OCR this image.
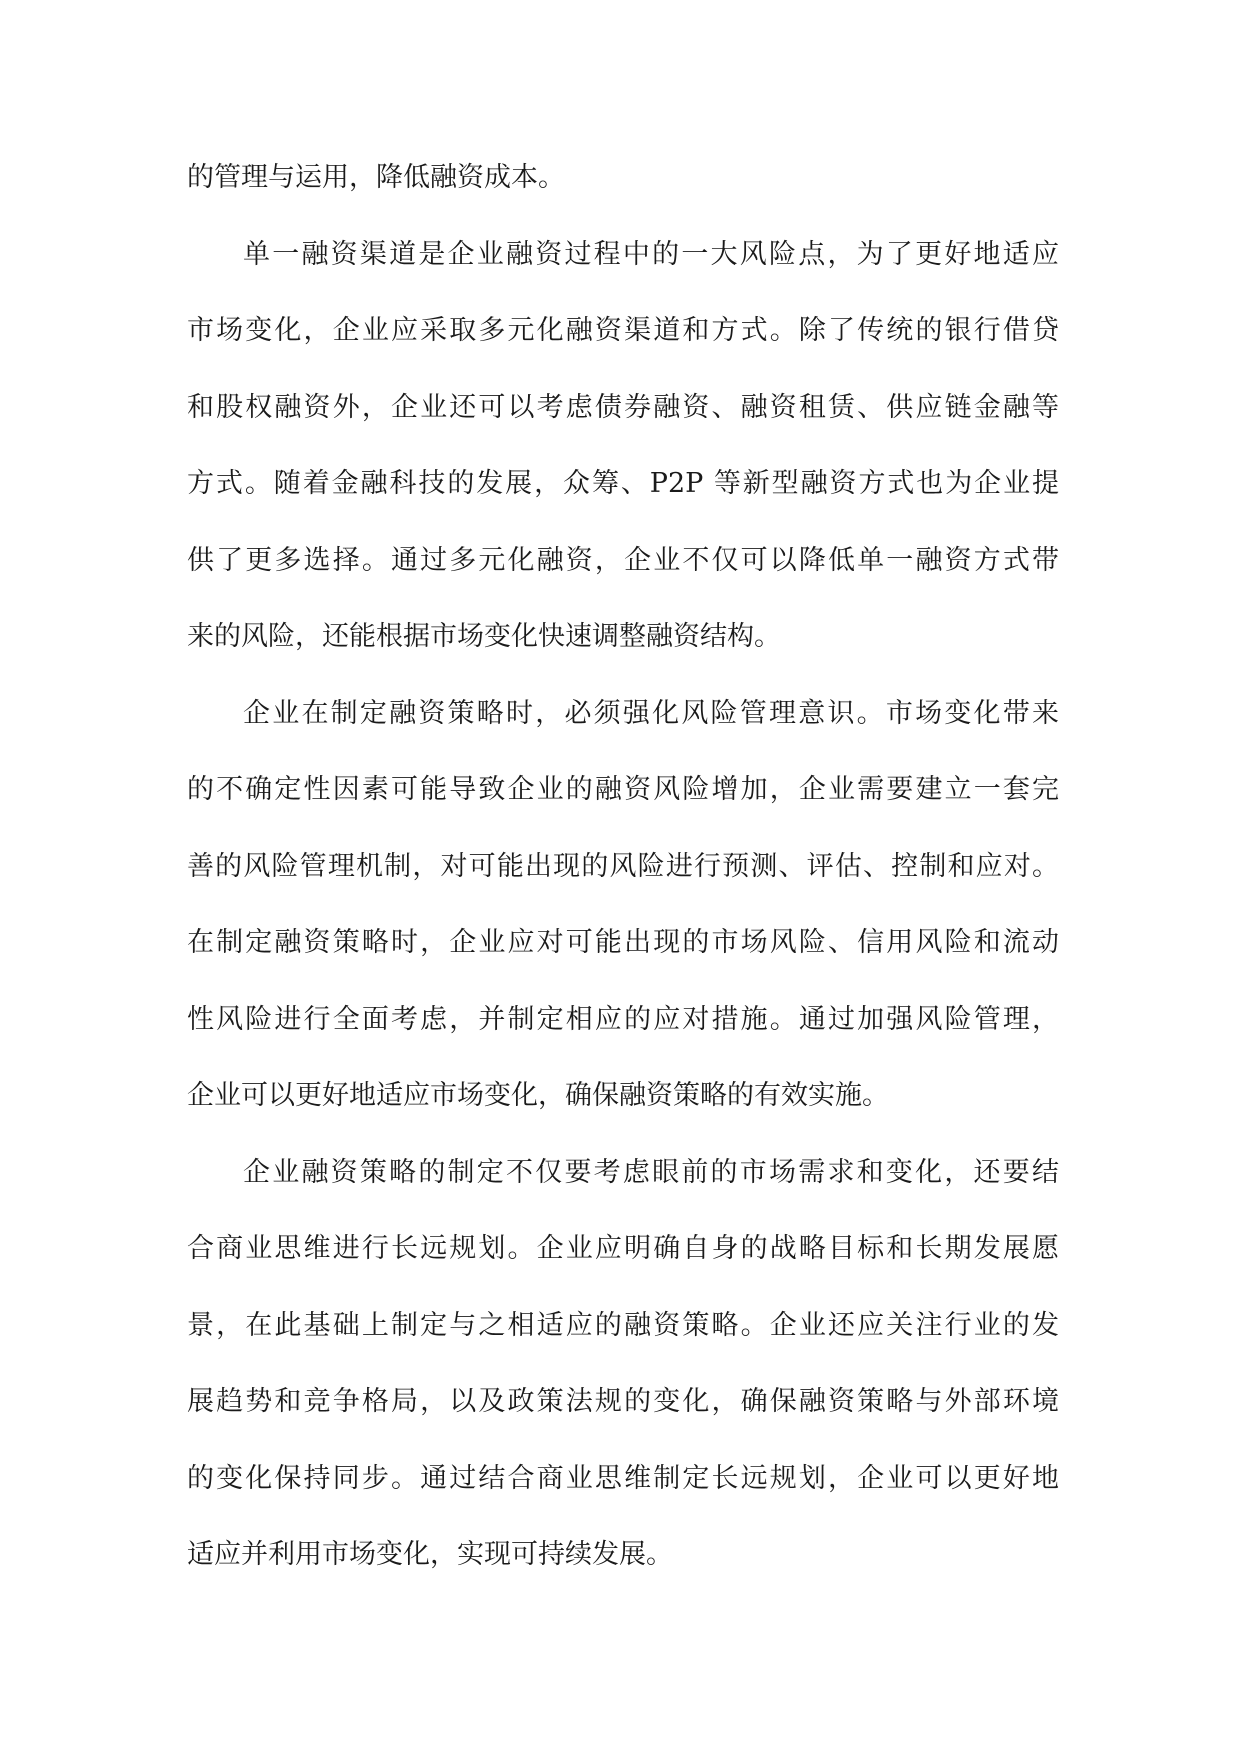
的管理与运用，降低融资成本。
单一融资渠道是企业融资过程中的一大风险点，为了更好地适应
市场变化，企业应采取多元化融资渠道和方式。除了传统的银行借贷
和股权融资外，企业还可以考虑债券融资、融资租赁、供应链金融等
方式。随着金融科技的发展，众筹、P2P 等新型融资方式也为企业提
供了更多选择。通过多元化融资，企业不仅可以降低单一融资方式带
来的风险，还能根据市场变化快速调整融资结构。
企业在制定融资策略时，必须强化风险管理意识。市场变化带来
的不确定性因素可能导致企业的融资风险增加，企业需要建立一套完
善的风险管理机制，对可能出现的风险进行预测、评估、控制和应对。
在制定融资策略时，企业应对可能出现的市场风险、信用风险和流动
性风险进行全面考虑，并制定相应的应对措施。通过加强风险管理，
企业可以更好地适应市场变化，确保融资策略的有效实施。
企业融资策略的制定不仅要考虑眼前的市场需求和变化，还要结
合商业思维进行长远规划。企业应明确自身的战略目标和长期发展愿
景，在此基础上制定与之相适应的融资策略。企业还应关注行业的发
展趋势和竞争格局，以及政策法规的变化，确保融资策略与外部环境
的变化保持同步。通过结合商业思维制定长远规划，企业可以更好地
适应并利用市场变化，实现可持续发展。
